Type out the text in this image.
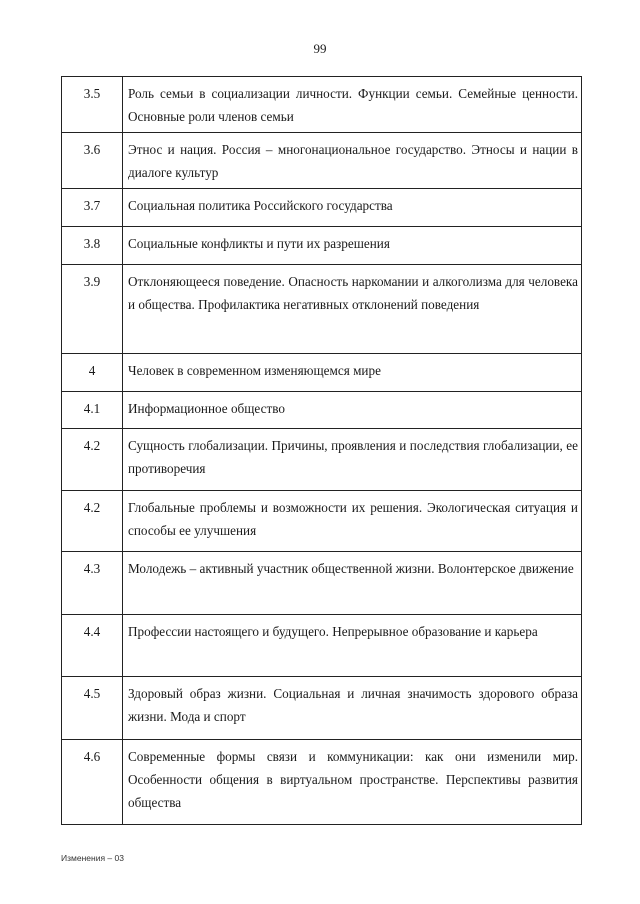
99
3.5	Роль семьи в социализации личности. Функции семьи. Семейные ценности. Основные роли членов семьи
3.6	Этнос и нация. Россия – многонациональное государство. Этносы и нации в диалоге культур
3.7	Социальная политика Российского государства
3.8	Социальные конфликты и пути их разрешения
3.9	Отклоняющееся поведение. Опасность наркомании и алкоголизма для человека и общества. Профилактика негативных отклонений поведения
4	Человек в современном изменяющемся мире
4.1	Информационное общество
4.2	Сущность глобализации. Причины, проявления и последствия глобализации, ее противоречия
4.2	Глобальные проблемы и возможности их решения. Экологическая ситуация и способы ее улучшения
4.3	Молодежь – активный участник общественной жизни. Волонтерское движение
4.4	Профессии настоящего и будущего. Непрерывное образование и карьера
4.5	Здоровый образ жизни. Социальная и личная значимость здорового образа жизни. Мода и спорт
4.6	Современные формы связи и коммуникации: как они изменили мир. Особенности общения в виртуальном пространстве. Перспективы развития общества
Изменения – 03
